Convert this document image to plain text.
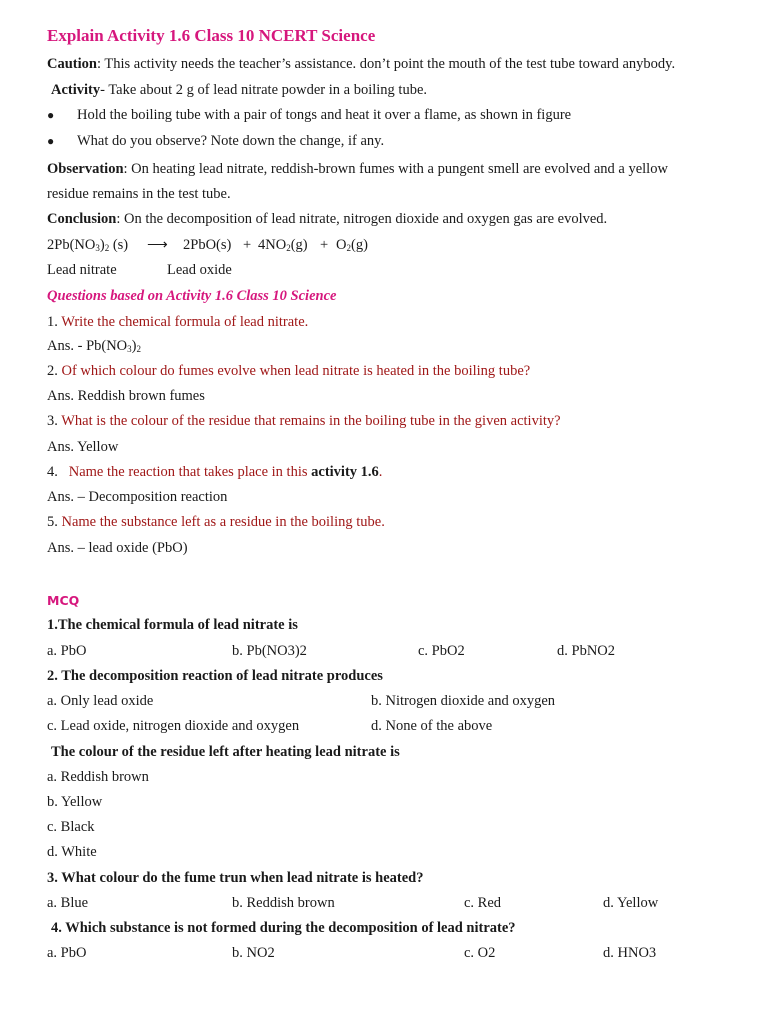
Explain Activity 1.6 Class 10 NCERT Science
Caution: This activity needs the teacher’s assistance. don’t point the mouth of the test tube toward anybody.
Activity- Take about 2 g of lead nitrate powder in a boiling tube.
● Hold the boiling tube with a pair of tongs and heat it over a flame, as shown in figure
● What do you observe? Note down the change, if any.
Observation: On heating lead nitrate, reddish-brown fumes with a pungent smell are evolved and a yellow
residue remains in the test tube.
Conclusion: On the decomposition of lead nitrate, nitrogen dioxide and oxygen gas are evolved.
$2Pb(NO_3)_2$ (s) ⟶ $2PbO(s) + 4NO_2(g) + O_2(g)$
Lead nitrate	Lead oxide
Questions based on Activity 1.6 Class 10 Science
1. Write the chemical formula of lead nitrate.
Ans. - $Pb(NO_3)_2$
2. Of which colour do fumes evolve when lead nitrate is heated in the boiling tube?
Ans. Reddish brown fumes
3. What is the colour of the residue that remains in the boiling tube in the given activity?
Ans. Yellow
4.   Name the reaction that takes place in this activity 1.6.
Ans. – Decomposition reaction
5. Name the substance left as a residue in the boiling tube.
Ans. – lead oxide (PbO)
MCQ
1.The chemical formula of lead nitrate is
a. PbO	b. Pb(NO3)2	c. PbO2	d. PbNO2
2. The decomposition reaction of lead nitrate produces
a. Only lead oxide	b. Nitrogen dioxide and oxygen
c. Lead oxide, nitrogen dioxide and oxygen	d. None of the above
The colour of the residue left after heating lead nitrate is
a. Reddish brown
b. Yellow
c. Black
d. White
3. What colour do the fume trun when lead nitrate is heated?
a. Blue	b. Reddish brown	c. Red	d. Yellow
4. Which substance is not formed during the decomposition of lead nitrate?
a. PbO	b. NO2	c. O2	d. HNO3
